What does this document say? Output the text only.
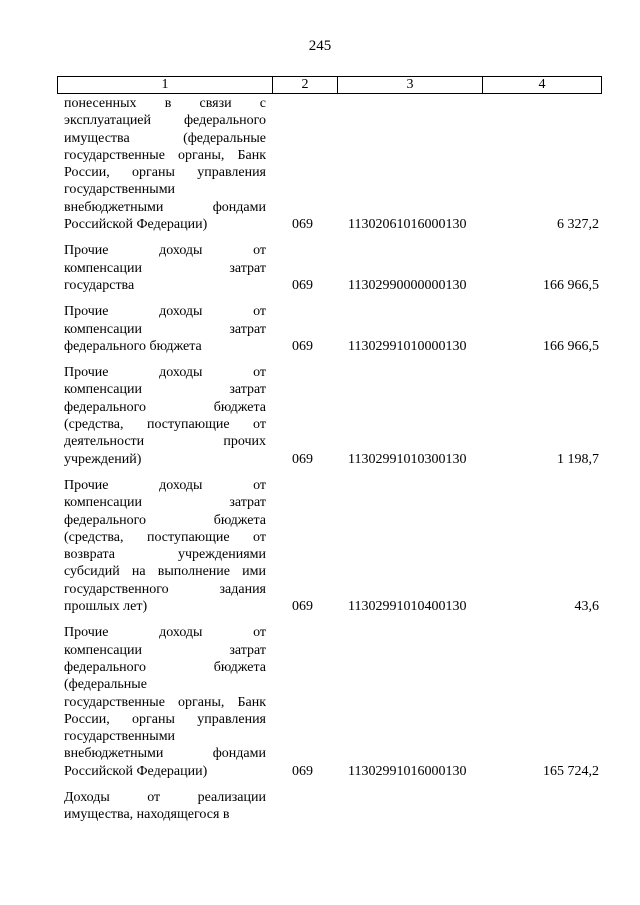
245
1	2	3	4
понесенных в связи с
эксплуатацией федерального
имущества (федеральные
государственные органы, Банк
России, органы управления
государственными
внебюджетными фондами
Российской Федерации)	069	11302061016000130	6 327,2
Прочие доходы от
компенсации затрат
государства	069	11302990000000130	166 966,5
Прочие доходы от
компенсации затрат
федерального бюджета	069	11302991010000130	166 966,5
Прочие доходы от
компенсации затрат
федерального бюджета
(средства, поступающие от
деятельности прочих
учреждений)	069	11302991010300130	1 198,7
Прочие доходы от
компенсации затрат
федерального бюджета
(средства, поступающие от
возврата учреждениями
субсидий на выполнение ими
государственного задания
прошлых лет)	069	11302991010400130	43,6
Прочие доходы от
компенсации затрат
федерального бюджета
(федеральные
государственные органы, Банк
России, органы управления
государственными
внебюджетными фондами
Российской Федерации)	069	11302991016000130	165 724,2
Доходы от реализации
имущества, находящегося в
